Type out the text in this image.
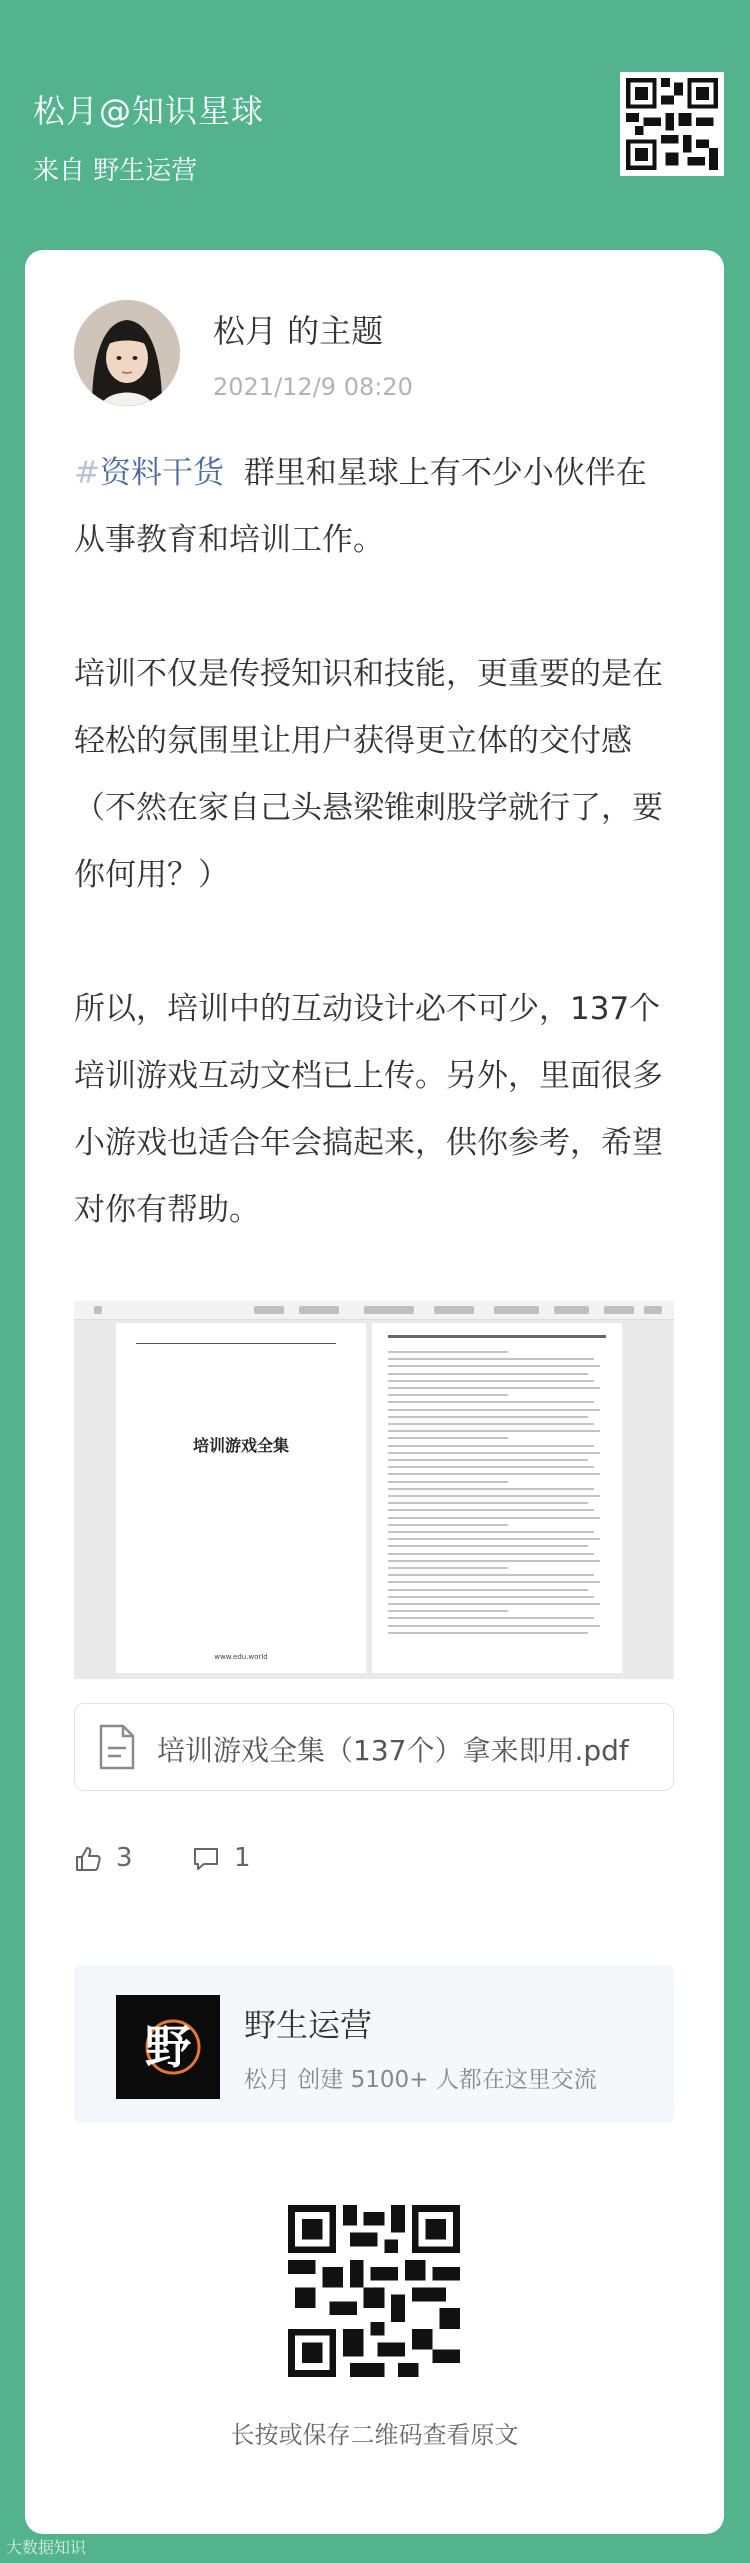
松月@知识星球
来自 野生运营
松月 的主题
2021/12/9 08:20

#资料干货 群里和星球上有不少小伙伴在从事教育和培训工作。

培训不仅是传授知识和技能，更重要的是在轻松的氛围里让用户获得更立体的交付感（不然在家自己头悬梁锥刺股学就行了，要你何用？）

所以，培训中的互动设计必不可少，137个培训游戏互动文档已上传。另外，里面很多小游戏也适合年会搞起来，供你参考，希望对你有帮助。

培训游戏全集
www.edu.world
培训游戏全集（137个）拿来即用.pdf
3	1
野 野生运营
松月 创建 5100+ 人都在这里交流
长按或保存二维码查看原文
大数据知识
